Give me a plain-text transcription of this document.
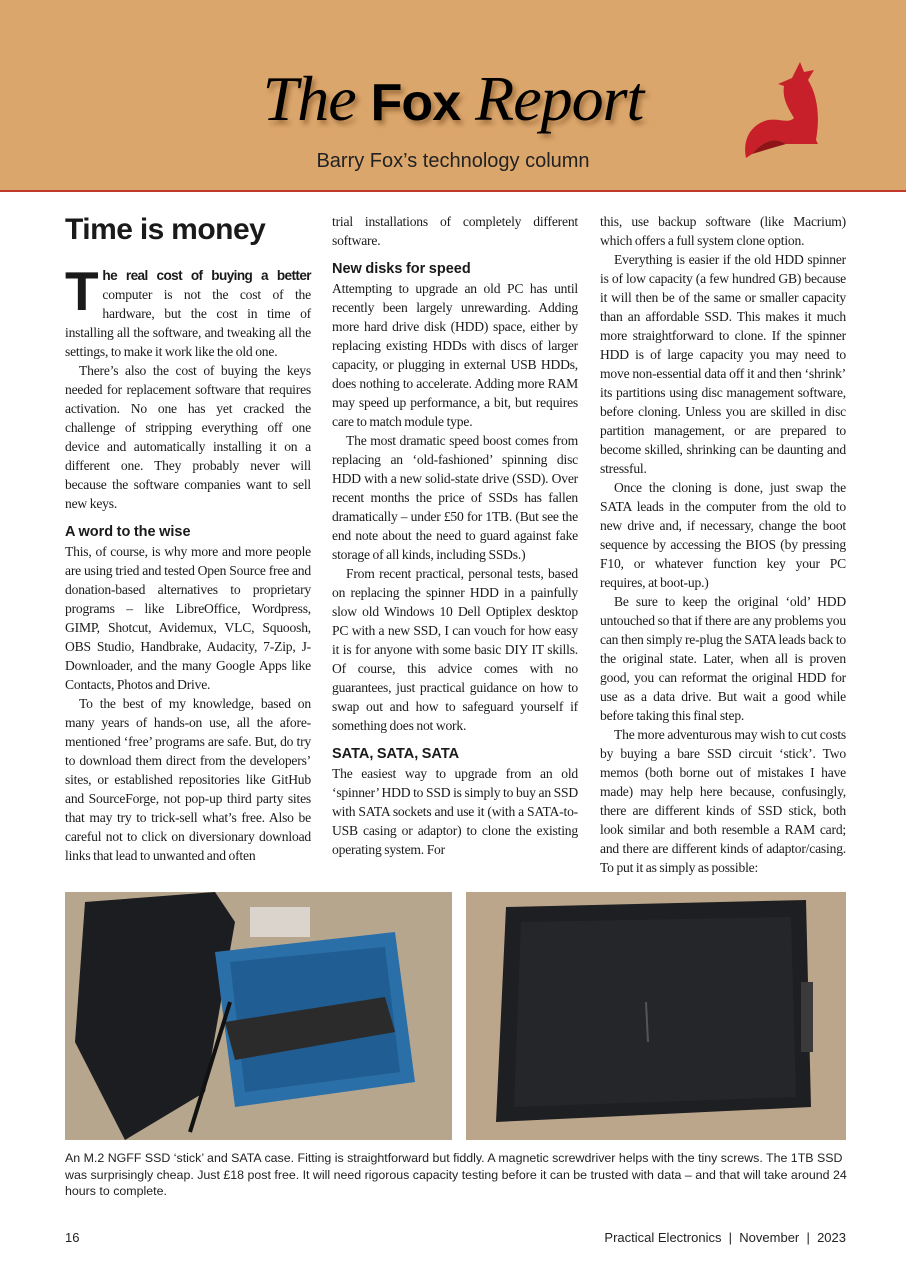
The Fox Report
Barry Fox’s technology column
Time is money

The real cost of buying a better computer is not the cost of the hardware, but the cost in time of installing all the software, and tweaking all the settings, to make it work like the old one.

There’s also the cost of buying the keys needed for replacement software that requires activation. No one has yet cracked the challenge of stripping everything off one device and automatically installing it on a different one. They probably never will because the software companies want to sell new keys.

A word to the wise

This, of course, is why more and more people are using tried and tested Open Source free and donation-based alternatives to proprietary programs – like LibreOffice, Wordpress, GIMP, Shotcut, Avidemux, VLC, Squoosh, OBS Studio, Handbrake, Audacity, 7-Zip, J-Downloader, and the many Google Apps like Contacts, Photos and Drive.

To the best of my knowledge, based on many years of hands-on use, all the afore-mentioned ‘free’ programs are safe. But, do try to download them direct from the developers’ sites, or established repositories like GitHub and SourceForge, not pop-up third party sites that may try to trick-sell what’s free. Also be careful not to click on diversionary download links that lead to unwanted and often

trial installations of completely different software.

New disks for speed

Attempting to upgrade an old PC has until recently been largely unrewarding. Adding more hard drive disk (HDD) space, either by replacing existing HDDs with discs of larger capacity, or plugging in external USB HDDs, does nothing to accelerate. Adding more RAM may speed up performance, a bit, but requires care to match module type.

The most dramatic speed boost comes from replacing an ‘old-fashioned’ spinning disc HDD with a new solid-state drive (SSD). Over recent months the price of SSDs has fallen dramatically – under £50 for 1TB. (But see the end note about the need to guard against fake storage of all kinds, including SSDs.)

From recent practical, personal tests, based on replacing the spinner HDD in a painfully slow old Windows 10 Dell Optiplex desktop PC with a new SSD, I can vouch for how easy it is for anyone with some basic DIY IT skills. Of course, this advice comes with no guarantees, just practical guidance on how to swap out and how to safeguard yourself if something does not work.

SATA, SATA, SATA

The easiest way to upgrade from an old ‘spinner’ HDD to SSD is simply to buy an SSD with SATA sockets and use it (with a SATA-to-USB casing or adaptor) to clone the existing operating system. For

this, use backup software (like Macrium) which offers a full system clone option.

Everything is easier if the old HDD spinner is of low capacity (a few hundred GB) because it will then be of the same or smaller capacity than an affordable SSD. This makes it much more straightforward to clone. If the spinner HDD is of large capacity you may need to move non-essential data off it and then ‘shrink’ its partitions using disc management software, before cloning. Unless you are skilled in disc partition management, or are prepared to become skilled, shrinking can be daunting and stressful.

Once the cloning is done, just swap the SATA leads in the computer from the old to new drive and, if necessary, change the boot sequence by accessing the BIOS (by pressing F10, or whatever function key your PC requires, at boot-up.)

Be sure to keep the original ‘old’ HDD untouched so that if there are any problems you can then simply re-plug the SATA leads back to the original state. Later, when all is proven good, you can reformat the original HDD for use as a data drive. But wait a good while before taking this final step.

The more adventurous may wish to cut costs by buying a bare SSD circuit ‘stick’. Two memos (both borne out of mistakes I have made) may help here because, confusingly, there are different kinds of SSD stick, both look similar and both resemble a RAM card; and there are different kinds of adaptor/casing. To put it as simply as possible:

An M.2 NGFF SSD ‘stick’ and SATA case. Fitting is straightforward but fiddly. A magnetic screwdriver helps with the tiny screws. The 1TB SSD was surprisingly cheap. Just £18 post free. It will need rigorous capacity testing before it can be trusted with data – and that will take around 24 hours to complete.
16	Practical Electronics  |  November  |  2023
